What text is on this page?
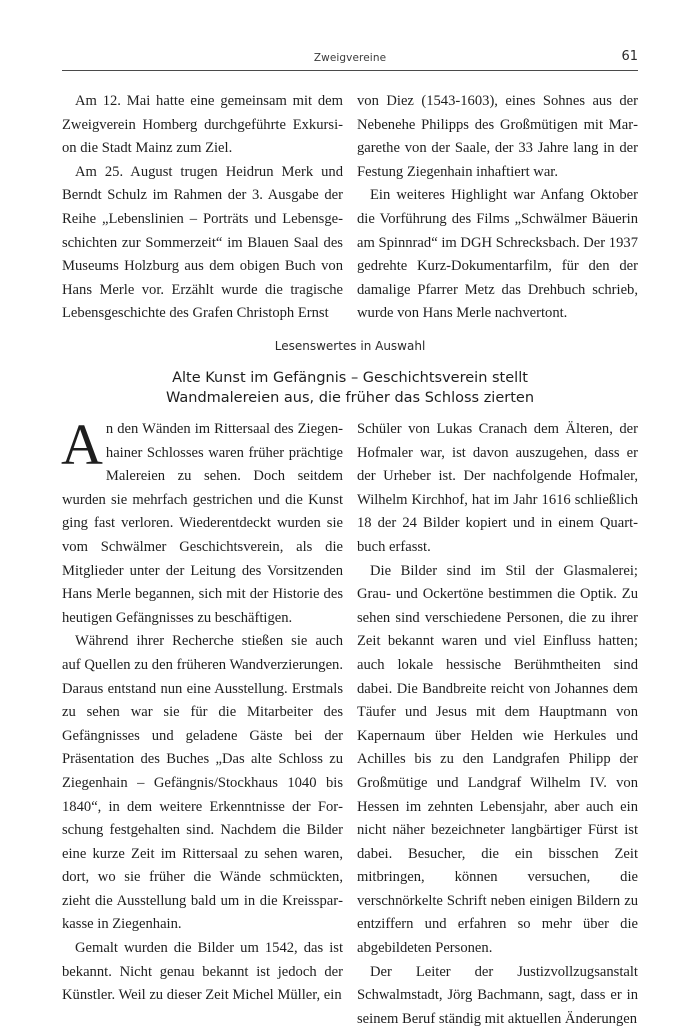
Zweigvereine	61

Am 12. Mai hatte eine gemeinsam mit dem Zweigverein Homberg durchgeführte Exkursion die Stadt Mainz zum Ziel.

Am 25. August trugen Heidrun Merk und Berndt Schulz im Rahmen der 3. Ausgabe der Reihe „Lebenslinien – Porträts und Lebensgeschichten zur Sommerzeit“ im Blauen Saal des Museums Holzburg aus dem obigen Buch von Hans Merle vor. Erzählt wurde die tragische Lebensgeschichte des Grafen Christoph Ernst

von Diez (1543-1603), eines Sohnes aus der Nebenehe Philipps des Großmütigen mit Margarethe von der Saale, der 33 Jahre lang in der Festung Ziegenhain inhaftiert war.

Ein weiteres Highlight war Anfang Oktober die Vorführung des Films „Schwälmer Bäuerin am Spinnrad“ im DGH Schrecksbach. Der 1937 gedrehte Kurz-Dokumentarfilm, für den der damalige Pfarrer Metz das Drehbuch schrieb, wurde von Hans Merle nachvertont.

Lesenswertes in Auswahl
Alte Kunst im Gefängnis – Geschichtsverein stellt
Wandmalereien aus, die früher das Schloss zierten

An den Wänden im Rittersaal des Ziegenhainer Schlosses waren früher prächtige Malereien zu sehen. Doch seitdem wurden sie mehrfach gestrichen und die Kunst ging fast verloren. Wiederentdeckt wurden sie vom Schwälmer Geschichtsverein, als die Mitglieder unter der Leitung des Vorsitzenden Hans Merle begannen, sich mit der Historie des heutigen Gefängnisses zu beschäftigen.

Während ihrer Recherche stießen sie auch auf Quellen zu den früheren Wandverzierungen. Daraus entstand nun eine Ausstellung. Erstmals zu sehen war sie für die Mitarbeiter des Gefängnisses und geladene Gäste bei der Präsentation des Buches „Das alte Schloss zu Ziegenhain – Gefängnis/Stockhaus 1040 bis 1840“, in dem weitere Erkenntnisse der Forschung festgehalten sind. Nachdem die Bilder eine kurze Zeit im Rittersaal zu sehen waren, dort, wo sie früher die Wände schmückten, zieht die Ausstellung bald um in die Kreissparkasse in Ziegenhain.

Gemalt wurden die Bilder um 1542, das ist bekannt. Nicht genau bekannt ist jedoch der Künstler. Weil zu dieser Zeit Michel Müller, ein

Schüler von Lukas Cranach dem Älteren, der Hofmaler war, ist davon auszugehen, dass er der Urheber ist. Der nachfolgende Hofmaler, Wilhelm Kirchhof, hat im Jahr 1616 schließlich 18 der 24 Bilder kopiert und in einem Quartbuch erfasst.

Die Bilder sind im Stil der Glasmalerei; Grau- und Ockertöne bestimmen die Optik. Zu sehen sind verschiedene Personen, die zu ihrer Zeit bekannt waren und viel Einfluss hatten; auch lokale hessische Berühmtheiten sind dabei. Die Bandbreite reicht von Johannes dem Täufer und Jesus mit dem Hauptmann von Kapernaum über Helden wie Herkules und Achilles bis zu den Landgrafen Philipp der Großmütige und Landgraf Wilhelm IV. von Hessen im zehnten Lebensjahr, aber auch ein nicht näher bezeichneter langbärtiger Fürst ist dabei. Besucher, die ein bisschen Zeit mitbringen, können versuchen, die verschnörkelte Schrift neben einigen Bildern zu entziffern und erfahren so mehr über die abgebildeten Personen.

Der Leiter der Justizvollzugsanstalt Schwalmstadt, Jörg Bachmann, sagt, dass er in seinem Beruf ständig mit aktuellen Änderungen
